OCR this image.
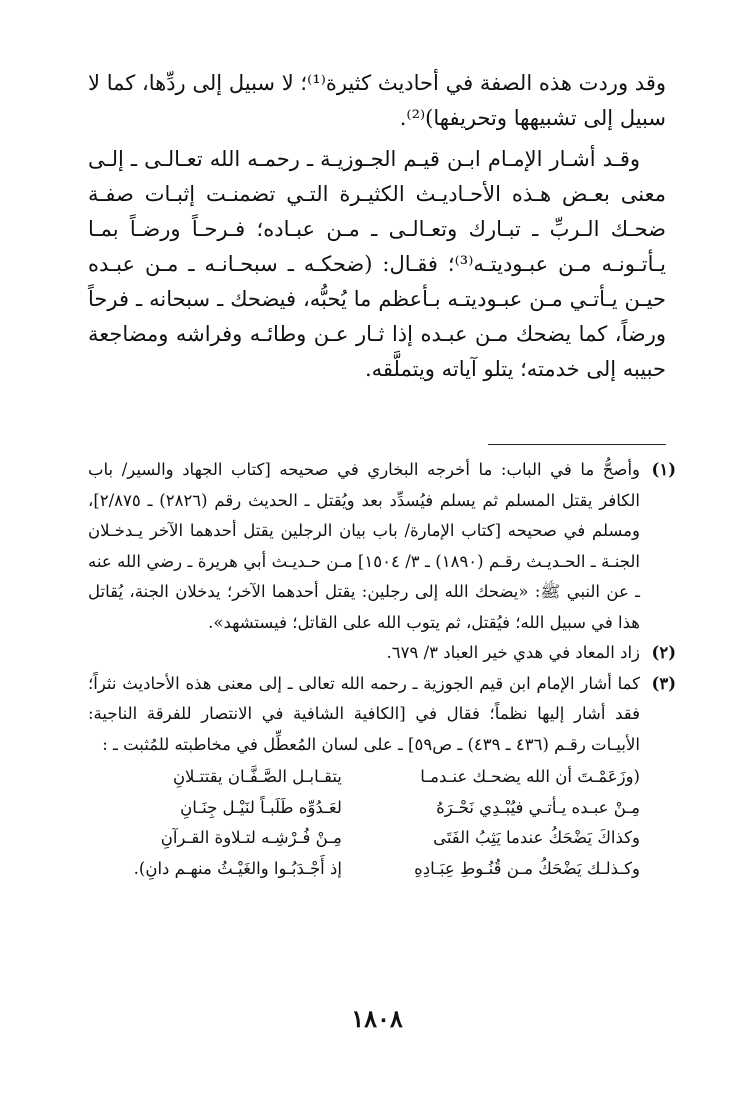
وقد وردت هذه الصفة في أحاديث كثيرة⁽¹⁾؛ لا سبيل إلى ردِّها، كما لا سبيل إلى تشبيهها وتحريفها)⁽²⁾.

وقـد أشـار الإمـام ابـن قيـم الجـوزيـة ـ رحمـه الله تعـالـى ـ إلـى معنى بعـض هـذه الأحـاديـث الكثيـرة التـي تضمنـت إثبـات صفـة ضحـك الـربِّ ـ تبـارك وتعـالـى ـ مـن عبـاده؛ فـرحـاً ورضـاً بمـا يـأتـونـه مـن عبـوديتـه⁽³⁾؛ فقـال: (ضحكـه ـ سبحـانـه ـ مـن عبـده حيـن يـأتـي مـن عبـوديتـه بـأعظم ما يُحبُّه، فيضحك ـ سبحانه ـ فرحاً ورضاً، كما يضحك مـن عبـده إذا ثـار عـن وطائـه وفراشه ومضاجعة حبيبه إلى خدمته؛ يتلو آياته ويتملَّقه.

(١)
وأصحُّ ما في الباب: ما أخرجه البخاري في صحيحه [كتاب الجهاد والسير/ باب الكافر يقتل المسلم ثم يسلم فيُسدِّد بعد ويُقتل ـ الحديث رقم (٢٨٢٦) ـ ٢/٨٧٥]، ومسلم في صحيحه [كتاب الإمارة/ باب بيان الرجلين يقتل أحدهما الآخر يـدخـلان الجنـة ـ الحـديـث رقـم (١٨٩٠) ـ ٣/ ١٥٠٤] مـن حـديـث أبي هريرة ـ رضي الله عنه ـ عن النبي ﷺ: «يضحك الله إلى رجلين: يقتل أحدهما الآخر؛ يدخلان الجنة، يُقاتل هذا في سبيل الله؛ فيُقتل، ثم يتوب الله على القاتل؛ فيستشهد».
(٢)
زاد المعاد في هدي خير العباد ٣/ ٦٧٩.
(٣)
كما أشار الإمام ابن قيم الجوزية ـ رحمه الله تعالى ـ إلى معنى هذه الأحاديث نثراً؛ فقد أشار إليها نظماً؛ فقال في [الكافية الشافية في الانتصار للفرقة الناجية: الأبيـات رقـم (٤٣٦ ـ ٤٣٩) ـ ص٥٩] ـ على لسان المُعطِّل في مخاطبته للمُثبت ـ :
(وزَعَمْـتَ أن الله يضحـك عنـدمـا
يتقـابـل الصَّـفَّـان يقتتـلانِ
مِـنْ عبـده يـأتـي فيُبْـدِي نَحْـرَهُ
لعَـدُوِّه طَلَبـاً لنَيْـل جِنَـانِ
وكذاكَ يَضْحَكُ عندما يَثِبُ الفَتَى
مِـنْ فُـرْشِـه لتـلاوة القـرآنِ
وكـذلـك يَضْحَكُ مـن قُنُـوطِ عِبَـادِهِ
إذ أَجْـدَبُـوا والغَيْـثُ منهـم دانِ).
١٨٠٨
